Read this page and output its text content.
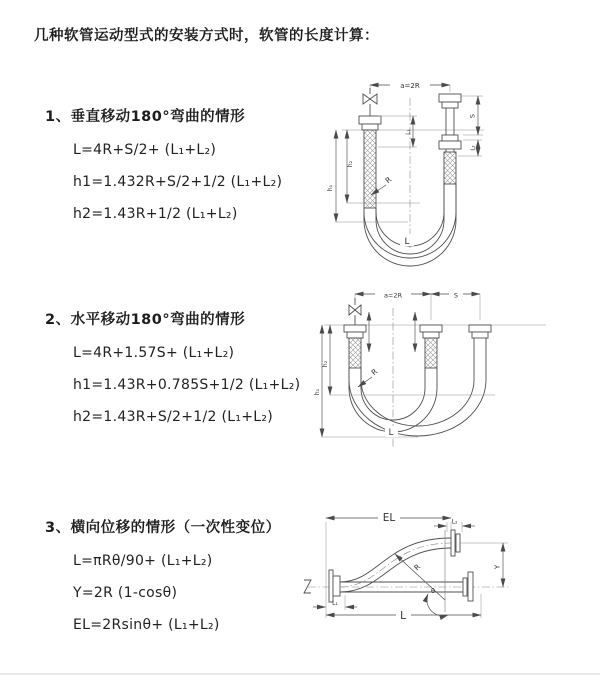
几种软管运动型式的安装方式时，软管的长度计算：
1、垂直移动180°弯曲的情形
L=4R+S/2+ (L₁+L₂)
h1=1.432R+S/2+1/2 (L₁+L₂)
h2=1.43R+1/2 (L₁+L₂)
a=2R
L₁
S
L₂
h₁
h₂
R
L
2、水平移动180°弯曲的情形
L=4R+1.57S+ (L₁+L₂)
h1=1.43R+0.785S+1/2 (L₁+L₂)
h2=1.43R+S/2+1/2 (L₁+L₂)
a=2R	S
h₁
h₂
R
L
3、横向位移的情形（一次性变位）
L=πRθ/90+ (L₁+L₂)
Y=2R (1-cosθ)
EL=2Rsinθ+ (L₁+L₂)
EL	L₂
Y
R
θ
L₁
L
